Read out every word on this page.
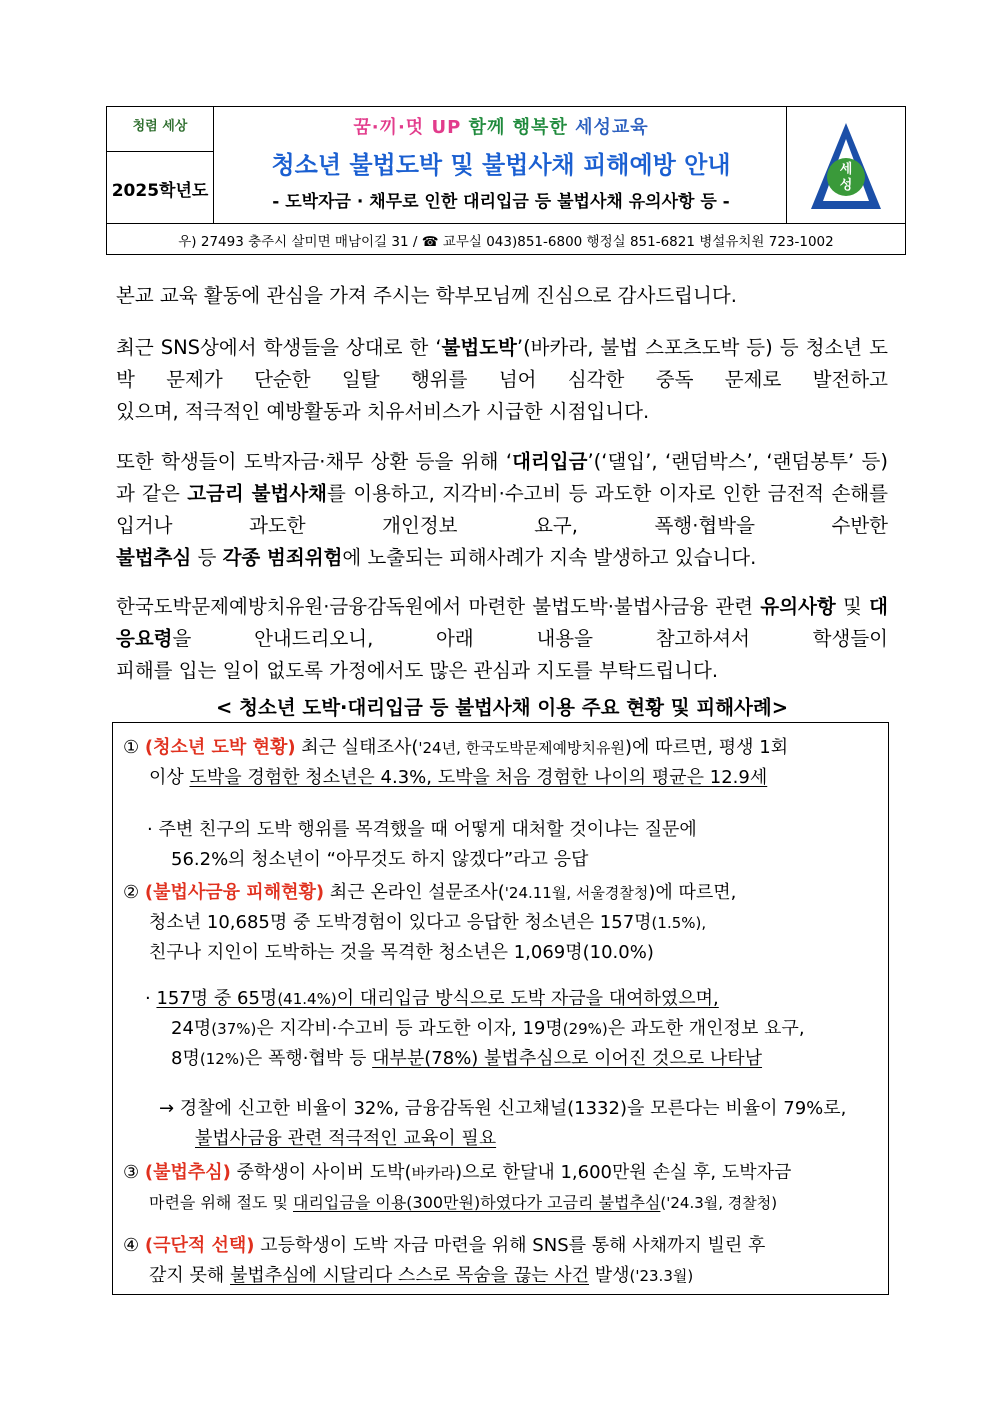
청렴 세상
2025학년도
꿈·끼·멋 UP 함께 행복한 세성교육
청소년 불법도박 및 불법사채 피해예방 안내
- 도박자금 · 채무로 인한 대리입금 등 불법사채 유의사항 등 -
세
성
우) 27493 충주시 살미면 매남이길 31 / ☎ 교무실 043)851-6800 행정실 851-6821 병설유치원 723-1002

본교 교육 활동에 관심을 가져 주시는 학부모님께 진심으로 감사드립니다.

최근 SNS상에서 학생들을 상대로 한 ‘불법도박’(바카라, 불법 스포츠도박 등) 등 청소년 도박 문제가 단순한 일탈 행위를 넘어 심각한 중독 문제로 발전하고
있으며, 적극적인 예방활동과 치유서비스가 시급한 시점입니다.

또한 학생들이 도박자금·채무 상환 등을 위해 ‘대리입금’(‘댈입’, ‘랜덤박스’, ‘랜덤봉투’ 등)과 같은 고금리 불법사채를 이용하고, 지각비·수고비 등 과도한 이자로 인한 금전적 손해를 입거나 과도한 개인정보 요구, 폭행·협박을 수반한
불법추심 등 각종 범죄위험에 노출되는 피해사례가 지속 발생하고 있습니다.

한국도박문제예방치유원·금융감독원에서 마련한 불법도박·불법사금융 관련 유의사항 및 대응요령을 안내드리오니, 아래 내용을 참고하셔서 학생들이
피해를 입는 일이 없도록 가정에서도 많은 관심과 지도를 부탁드립니다.

< 청소년 도박·대리입금 등 불법사채 이용 주요 현황 및 피해사례>
① (청소년 도박 현황) 최근 실태조사('24년, 한국도박문제예방치유원)에 따르면, 평생 1회
이상 도박을 경험한 청소년은 4.3%, 도박을 처음 경험한 나이의 평균은 12.9세
· 주변 친구의 도박 행위를 목격했을 때 어떻게 대처할 것이냐는 질문에
56.2%의 청소년이 “아무것도 하지 않겠다”라고 응답
② (불법사금융 피해현황) 최근 온라인 설문조사('24.11월, 서울경찰청)에 따르면,
청소년 10,685명 중 도박경험이 있다고 응답한 청소년은 157명(1.5%),
친구나 지인이 도박하는 것을 목격한 청소년은 1,069명(10.0%)
· 157명 중 65명(41.4%)이 대리입금 방식으로 도박 자금을 대여하였으며,
24명(37%)은 지각비·수고비 등 과도한 이자, 19명(29%)은 과도한 개인정보 요구,
8명(12%)은 폭행·협박 등 대부분(78%) 불법추심으로 이어진 것으로 나타남
→ 경찰에 신고한 비율이 32%, 금융감독원 신고채널(1332)을 모른다는 비율이 79%로,
불법사금융 관련 적극적인 교육이 필요
③ (불법추심) 중학생이 사이버 도박(바카라)으로 한달내 1,600만원 손실 후, 도박자금
마련을 위해 절도 및 대리입금을 이용(300만원)하였다가 고금리 불법추심('24.3월, 경찰청)
④ (극단적 선택) 고등학생이 도박 자금 마련을 위해 SNS를 통해 사채까지 빌린 후
갚지 못해 불법추심에 시달리다 스스로 목숨을 끊는 사건 발생('23.3월)
